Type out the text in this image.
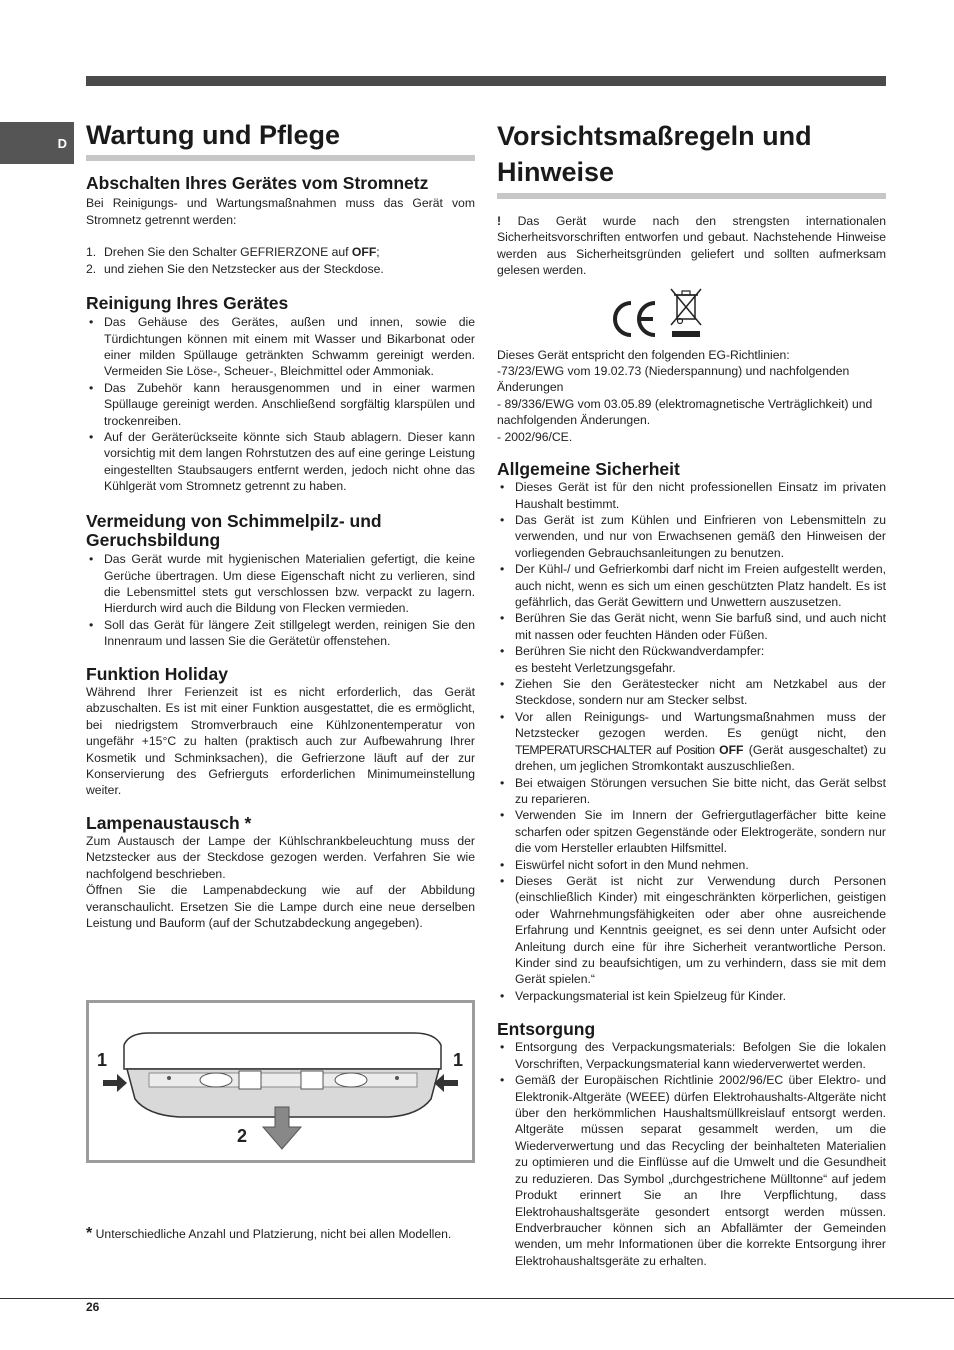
D Wartung und Pflege
Abschalten Ihres Gerätes vom Stromnetz

Bei Reinigungs- und Wartungsmaßnahmen muss das Gerät vom Stromnetz getrennt werden:

1. Drehen Sie den Schalter GEFRIERZONE auf OFF;
2. und ziehen Sie den Netzstecker aus der Steckdose.
Reinigung Ihres Gerätes
• Das Gehäuse des Gerätes, außen und innen, sowie die Türdichtungen können mit einem mit Wasser und Bikarbonat oder einer milden Spüllauge getränkten Schwamm gereinigt werden. Vermeiden Sie Löse-, Scheuer-, Bleichmittel oder Ammoniak.
• Das Zubehör kann herausgenommen und in einer warmen Spüllauge gereinigt werden. Anschließend sorgfältig klarspülen und trockenreiben.
• Auf der Geräterückseite könnte sich Staub ablagern. Dieser kann vorsichtig mit dem langen Rohrstutzen des auf eine geringe Leistung eingestellten Staubsaugers entfernt werden, jedoch nicht ohne das Kühlgerät vom Stromnetz getrennt zu haben.
Vermeidung von Schimmelpilz- und Geruchsbildung
• Das Gerät wurde mit hygienischen Materialien gefertigt, die keine Gerüche übertragen. Um diese Eigenschaft nicht zu verlieren, sind die Lebensmittel stets gut verschlossen bzw. verpackt zu lagern. Hierdurch wird auch die Bildung von Flecken vermieden.
• Soll das Gerät für längere Zeit stillgelegt werden, reinigen Sie den Innenraum und lassen Sie die Gerätetür offenstehen.
Funktion Holiday

Während Ihrer Ferienzeit ist es nicht erforderlich, das Gerät abzuschalten. Es ist mit einer Funktion ausgestattet, die es ermöglicht, bei niedrigstem Stromverbrauch eine Kühlzonentemperatur von ungefähr +15°C zu halten (praktisch auch zur Aufbewahrung Ihrer Kosmetik und Schminksachen), die Gefrierzone läuft auf der zur Konservierung des Gefrierguts erforderlichen Minimumeinstellung weiter.

Lampenaustausch *

Zum Austausch der Lampe der Kühlschrankbeleuchtung muss der Netzstecker aus der Steckdose gezogen werden. Verfahren Sie wie nachfolgend beschrieben.

Öffnen Sie die Lampenabdeckung wie auf der Abbildung veranschaulicht. Ersetzen Sie die Lampe durch eine neue derselben Leistung und Bauform (auf der Schutzabdeckung angegeben).

1	1
2

* Unterschiedliche Anzahl und Platzierung, nicht bei allen Modellen.

Vorsichtsmaßregeln und Hinweise

! Das Gerät wurde nach den strengsten internationalen Sicherheitsvorschriften entworfen und gebaut. Nachstehende Hinweise werden aus Sicherheitsgründen geliefert und sollten aufmerksam gelesen werden.

Dieses Gerät entspricht den folgenden EG-Richtlinien:

-73/23/EWG vom 19.02.73 (Niederspannung) und nachfolgenden Änderungen

- 89/336/EWG vom 03.05.89 (elektromagnetische Verträglichkeit) und nachfolgenden Änderungen.

- 2002/96/CE.

Allgemeine Sicherheit
• Dieses Gerät ist für den nicht professionellen Einsatz im privaten Haushalt bestimmt.
• Das Gerät ist zum Kühlen und Einfrieren von Lebensmitteln zu verwenden, und nur von Erwachsenen gemäß den Hinweisen der vorliegenden Gebrauchsanleitungen zu benutzen.
• Der Kühl-/ und Gefrierkombi darf nicht im Freien aufgestellt werden, auch nicht, wenn es sich um einen geschützten Platz handelt. Es ist gefährlich, das Gerät Gewittern und Unwettern auszusetzen.
• Berühren Sie das Gerät nicht, wenn Sie barfuß sind, und auch nicht mit nassen oder feuchten Händen oder Füßen.
• Berühren Sie nicht den Rückwandverdampfer:
es besteht Verletzungsgefahr.
• Ziehen Sie den Gerätestecker nicht am Netzkabel aus der Steckdose, sondern nur am Stecker selbst.
• Vor allen Reinigungs- und Wartungsmaßnahmen muss der Netzstecker gezogen werden. Es genügt nicht, den TEMPERATURSCHALTER auf Position OFF (Gerät ausgeschaltet) zu drehen, um jeglichen Stromkontakt auszuschließen.
• Bei etwaigen Störungen versuchen Sie bitte nicht, das Gerät selbst zu reparieren.
• Verwenden Sie im Innern der Gefriergutlagerfächer bitte keine scharfen oder spitzen Gegenstände oder Elektrogeräte, sondern nur die vom Hersteller erlaubten Hilfsmittel.
• Eiswürfel nicht sofort in den Mund nehmen.
• Dieses Gerät ist nicht zur Verwendung durch Personen (einschließlich Kinder) mit eingeschränkten körperlichen, geistigen oder Wahrnehmungsfähigkeiten oder aber ohne ausreichende Erfahrung und Kenntnis geeignet, es sei denn unter Aufsicht oder Anleitung durch eine für ihre Sicherheit verantwortliche Person. Kinder sind zu beaufsichtigen, um zu verhindern, dass sie mit dem Gerät spielen.“
• Verpackungsmaterial ist kein Spielzeug für Kinder.
Entsorgung
• Entsorgung des Verpackungsmaterials: Befolgen Sie die lokalen Vorschriften, Verpackungsmaterial kann wiederverwertet werden.
• Gemäß der Europäischen Richtlinie 2002/96/EC über Elektro- und Elektronik-Altgeräte (WEEE) dürfen Elektrohaushalts-Altgeräte nicht über den herkömmlichen Haushaltsmüllkreislauf entsorgt werden. Altgeräte müssen separat gesammelt werden, um die Wiederverwertung und das Recycling der beinhalteten Materialien zu optimieren und die Einflüsse auf die Umwelt und die Gesundheit zu reduzieren. Das Symbol „durchgestrichene Mülltonne“ auf jedem Produkt erinnert Sie an Ihre Verpflichtung, dass Elektrohaushaltsgeräte gesondert entsorgt werden müssen. Endverbraucher können sich an Abfallämter der Gemeinden wenden, um mehr Informationen über die korrekte Entsorgung ihrer Elektrohaushaltsgeräte zu erhalten.
26
